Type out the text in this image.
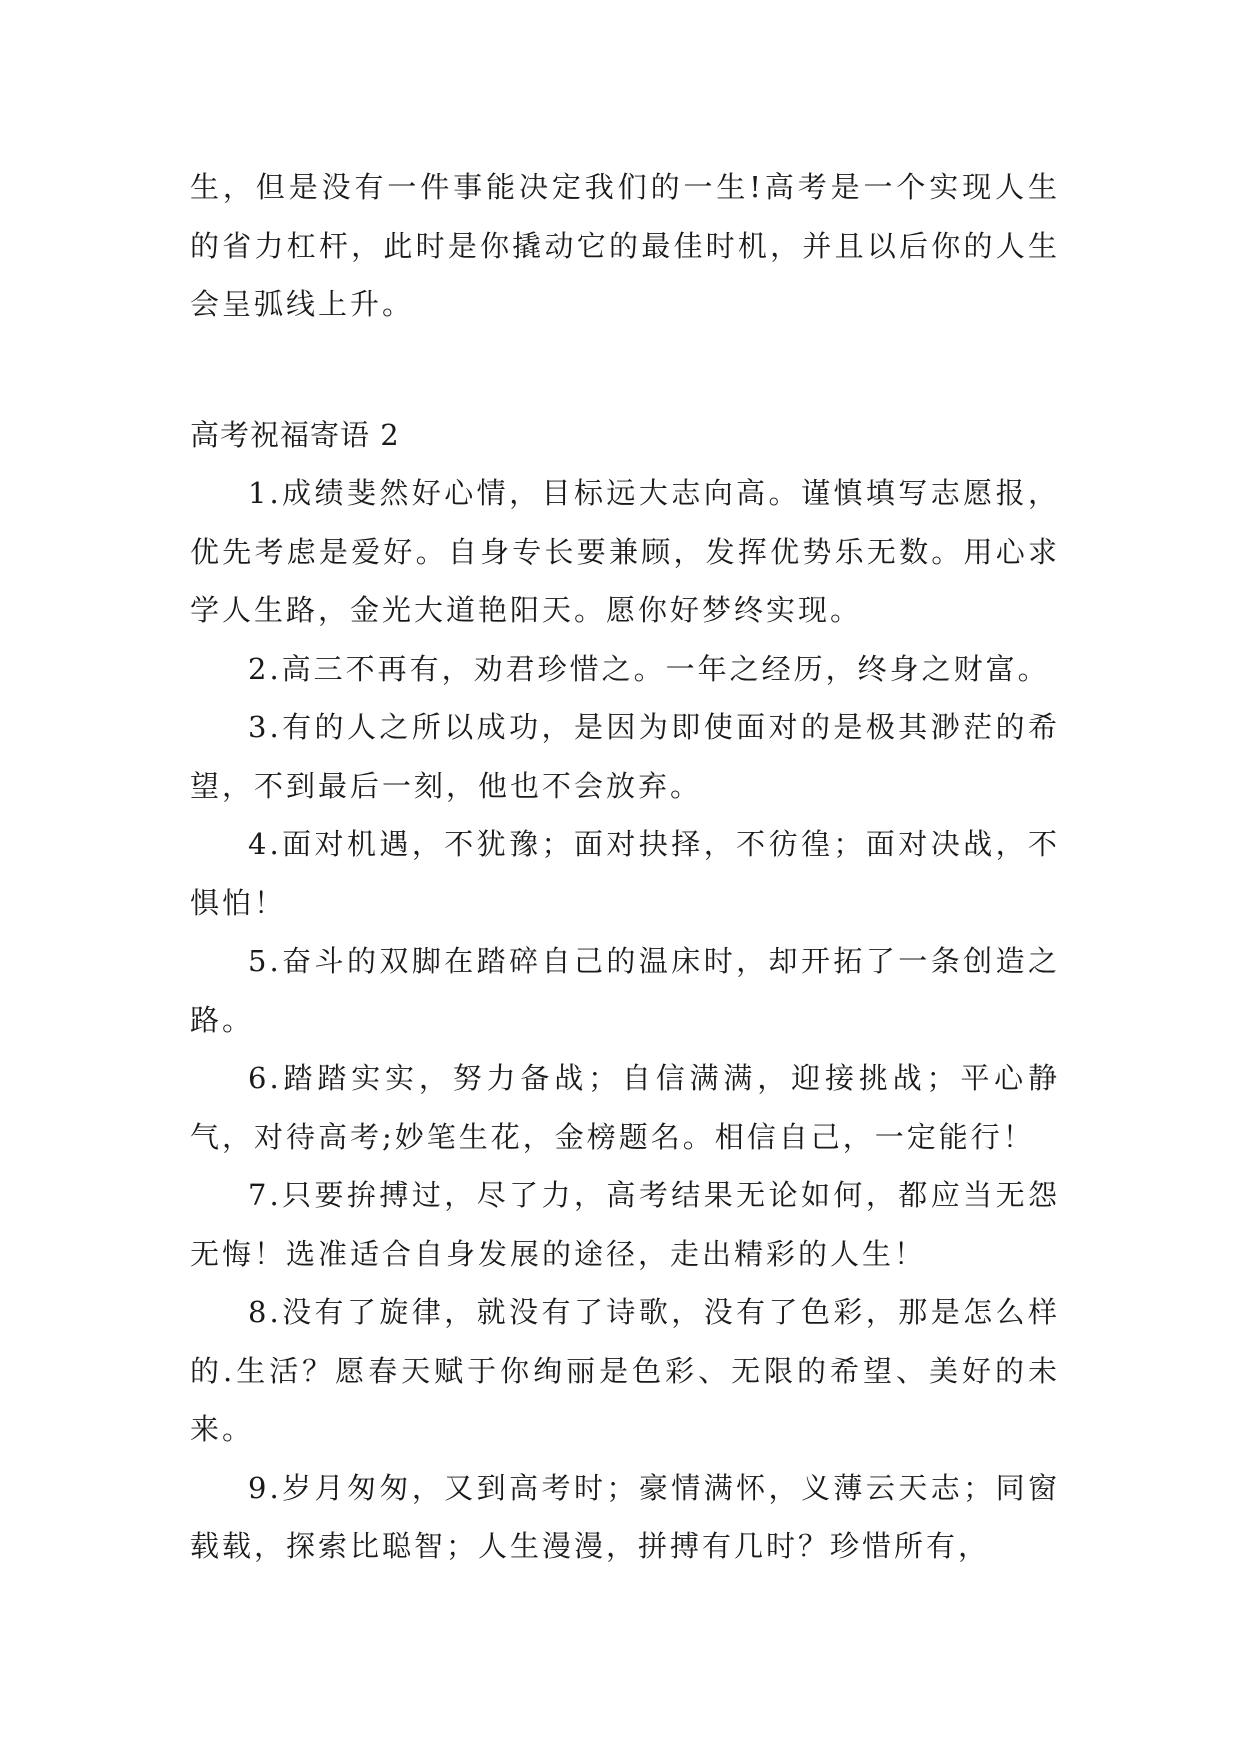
生，但是没有一件事能决定我们的一生!高考是一个实现人生的省力杠杆，此时是你撬动它的最佳时机，并且以后你的人生会呈弧线上升。

高考祝福寄语 2

1.成绩斐然好心情，目标远大志向高。谨慎填写志愿报，优先考虑是爱好。自身专长要兼顾，发挥优势乐无数。用心求学人生路，金光大道艳阳天。愿你好梦终实现。

2.高三不再有，劝君珍惜之。一年之经历，终身之财富。

3.有的人之所以成功，是因为即使面对的是极其渺茫的希望，不到最后一刻，他也不会放弃。

4.面对机遇，不犹豫；面对抉择，不彷徨；面对决战，不惧怕！

5.奋斗的双脚在踏碎自己的温床时，却开拓了一条创造之路。

6.踏踏实实，努力备战；自信满满，迎接挑战；平心静气，对待高考;妙笔生花，金榜题名。相信自己，一定能行！

7.只要拚搏过，尽了力，高考结果无论如何，都应当无怨无悔！选准适合自身发展的途径，走出精彩的人生！

8.没有了旋律，就没有了诗歌，没有了色彩，那是怎么样的.生活？愿春天赋于你绚丽是色彩、无限的希望、美好的未来。

9.岁月匆匆，又到高考时；豪情满怀，义薄云天志；同窗载载，探索比聪智；人生漫漫，拼搏有几时？珍惜所有，
